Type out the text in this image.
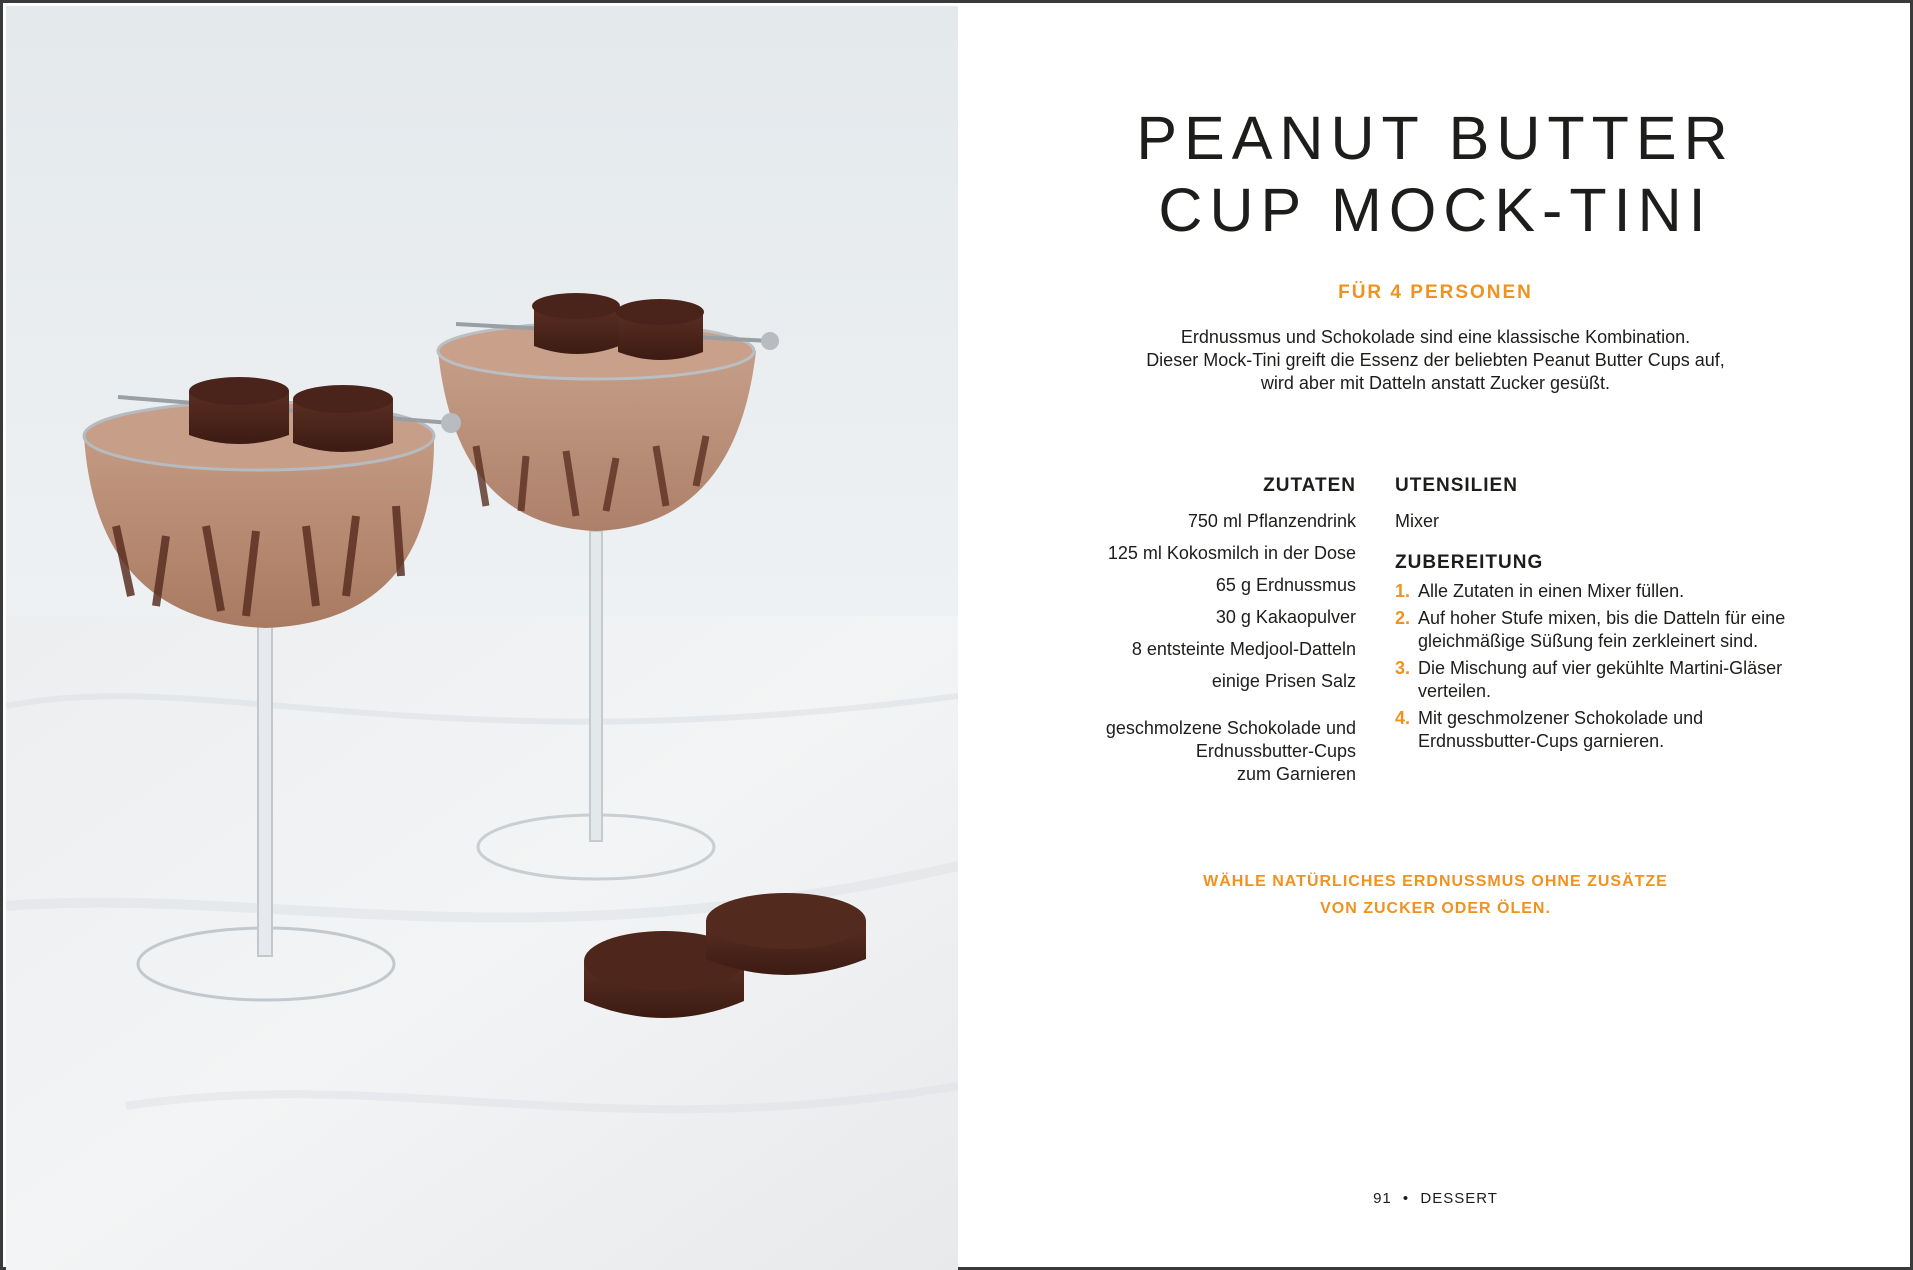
PEANUT BUTTER
CUP MOCK-TINI
FÜR 4 PERSONEN
Erdnussmus und Schokolade sind eine klassische Kombination.
Dieser Mock-Tini greift die Essenz der beliebten Peanut Butter Cups auf,
wird aber mit Datteln anstatt Zucker gesüßt.
ZUTATEN
750 ml Pflanzendrink
125 ml Kokosmilch in der Dose
65 g Erdnussmus
30 g Kakaopulver
8 entsteinte Medjool-Datteln
einige Prisen Salz
geschmolzene Schokolade und
Erdnussbutter-Cups
zum Garnieren
UTENSILIEN
Mixer
ZUBEREITUNG
1. Alle Zutaten in einen Mixer füllen.
2. Auf hoher Stufe mixen, bis die Datteln für eine gleichmäßige Süßung fein zerkleinert sind.
3. Die Mischung auf vier gekühlte Martini-Gläser verteilen.
4. Mit geschmolzener Schokolade und Erdnussbutter-Cups garnieren.
WÄHLE NATÜRLICHES ERDNUSSMUS OHNE ZUSÄTZE
VON ZUCKER ODER ÖLEN.
91 • DESSERT
